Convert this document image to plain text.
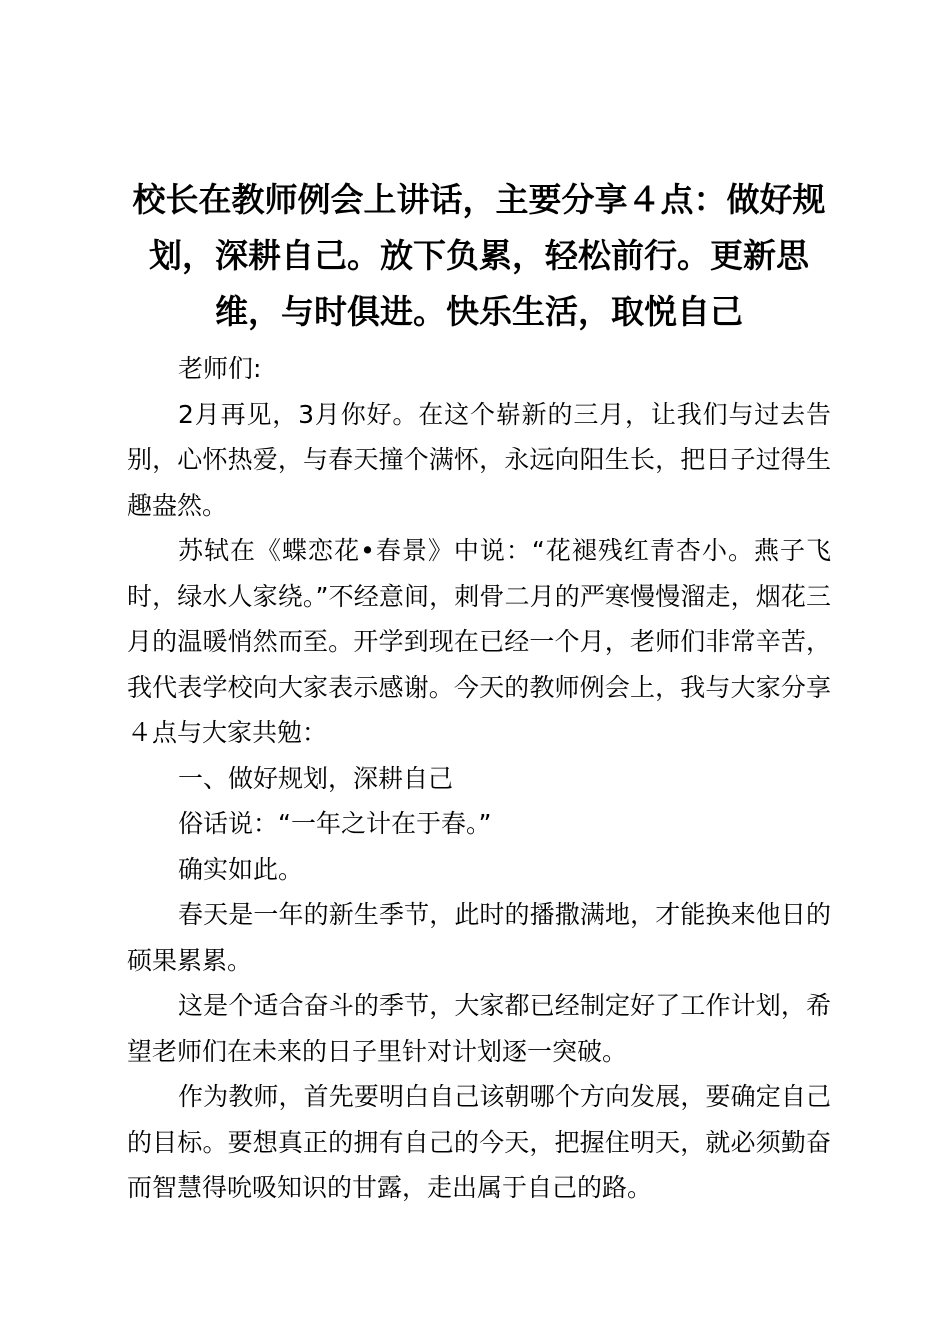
校长在教师例会上讲话，主要分享４点：做好规划，深耕自己。放下负累，轻松前行。更新思维，与时俱进。快乐生活，取悦自己

老师们:

2月再见，3月你好。在这个崭新的三月，让我们与过去告别，心怀热爱，与春天撞个满怀，永远向阳生长，把日子过得生趣盎然。

苏轼在《蝶恋花•春景》中说：“花褪残红青杏小。燕子飞时，绿水人家绕。”不经意间，刺骨二月的严寒慢慢溜走，烟花三月的温暖悄然而至。开学到现在已经一个月，老师们非常辛苦，我代表学校向大家表示感谢。今天的教师例会上，我与大家分享４点与大家共勉：

一、做好规划，深耕自己

俗话说：“一年之计在于春。”

确实如此。

春天是一年的新生季节，此时的播撒满地，才能换来他日的硕果累累。

这是个适合奋斗的季节，大家都已经制定好了工作计划，希望老师们在未来的日子里针对计划逐一突破。

作为教师，首先要明白自己该朝哪个方向发展，要确定自己的目标。要想真正的拥有自己的今天，把握住明天，就必须勤奋而智慧得吮吸知识的甘露，走出属于自己的路。
